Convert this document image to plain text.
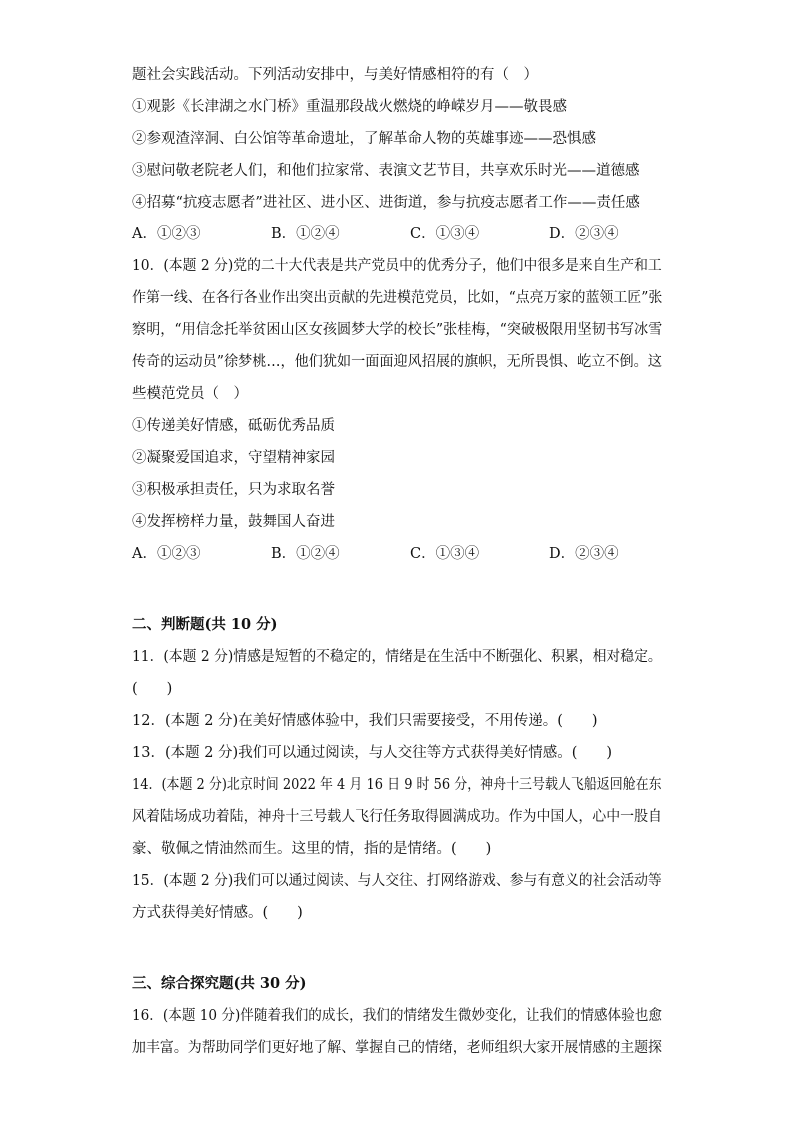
题社会实践活动。下列活动安排中，与美好情感相符的有（　）
①观影《长津湖之水门桥》重温那段战火燃烧的峥嵘岁月——敬畏感
②参观渣滓洞、白公馆等革命遗址，了解革命人物的英雄事迹——恐惧感
③慰问敬老院老人们，和他们拉家常、表演文艺节目，共享欢乐时光——道德感
④招募“抗疫志愿者”进社区、进小区、进街道，参与抗疫志愿者工作——责任感
A．①②③	B．①②④	C．①③④	D．②③④
10．(本题 2 分)党的二十大代表是共产党员中的优秀分子，他们中很多是来自生产和工
作第一线、在各行各业作出突出贡献的先进模范党员，比如，“点亮万家的蓝领工匠”张
察明，“用信念托举贫困山区女孩圆梦大学的校长”张桂梅，“突破极限用坚韧书写冰雪
传奇的运动员”徐梦桃…，他们犹如一面面迎风招展的旗帜，无所畏惧、屹立不倒。这
些模范党员（　）
①传递美好情感，砥砺优秀品质
②凝聚爱国追求，守望精神家园
③积极承担责任，只为求取名誉
④发挥榜样力量，鼓舞国人奋进
A．①②③	B．①②④	C．①③④	D．②③④
二、判断题(共 10 分)
11．(本题 2 分)情感是短暂的不稳定的，情绪是在生活中不断强化、积累，相对稳定。
(　　)
12．(本题 2 分)在美好情感体验中，我们只需要接受，不用传递。(　　)
13．(本题 2 分)我们可以通过阅读，与人交往等方式获得美好情感。(　　)
14．(本题 2 分)北京时间 2022 年 4 月 16 日 9 时 56 分，神舟十三号载人飞船返回舱在东
风着陆场成功着陆，神舟十三号载人飞行任务取得圆满成功。作为中国人，心中一股自
豪、敬佩之情油然而生。这里的情，指的是情绪。(　　)
15．(本题 2 分)我们可以通过阅读、与人交往、打网络游戏、参与有意义的社会活动等
方式获得美好情感。(　　)
三、综合探究题(共 30 分)
16．(本题 10 分)伴随着我们的成长，我们的情绪发生微妙变化，让我们的情感体验也愈
加丰富。为帮助同学们更好地了解、掌握自己的情绪，老师组织大家开展情感的主题探
